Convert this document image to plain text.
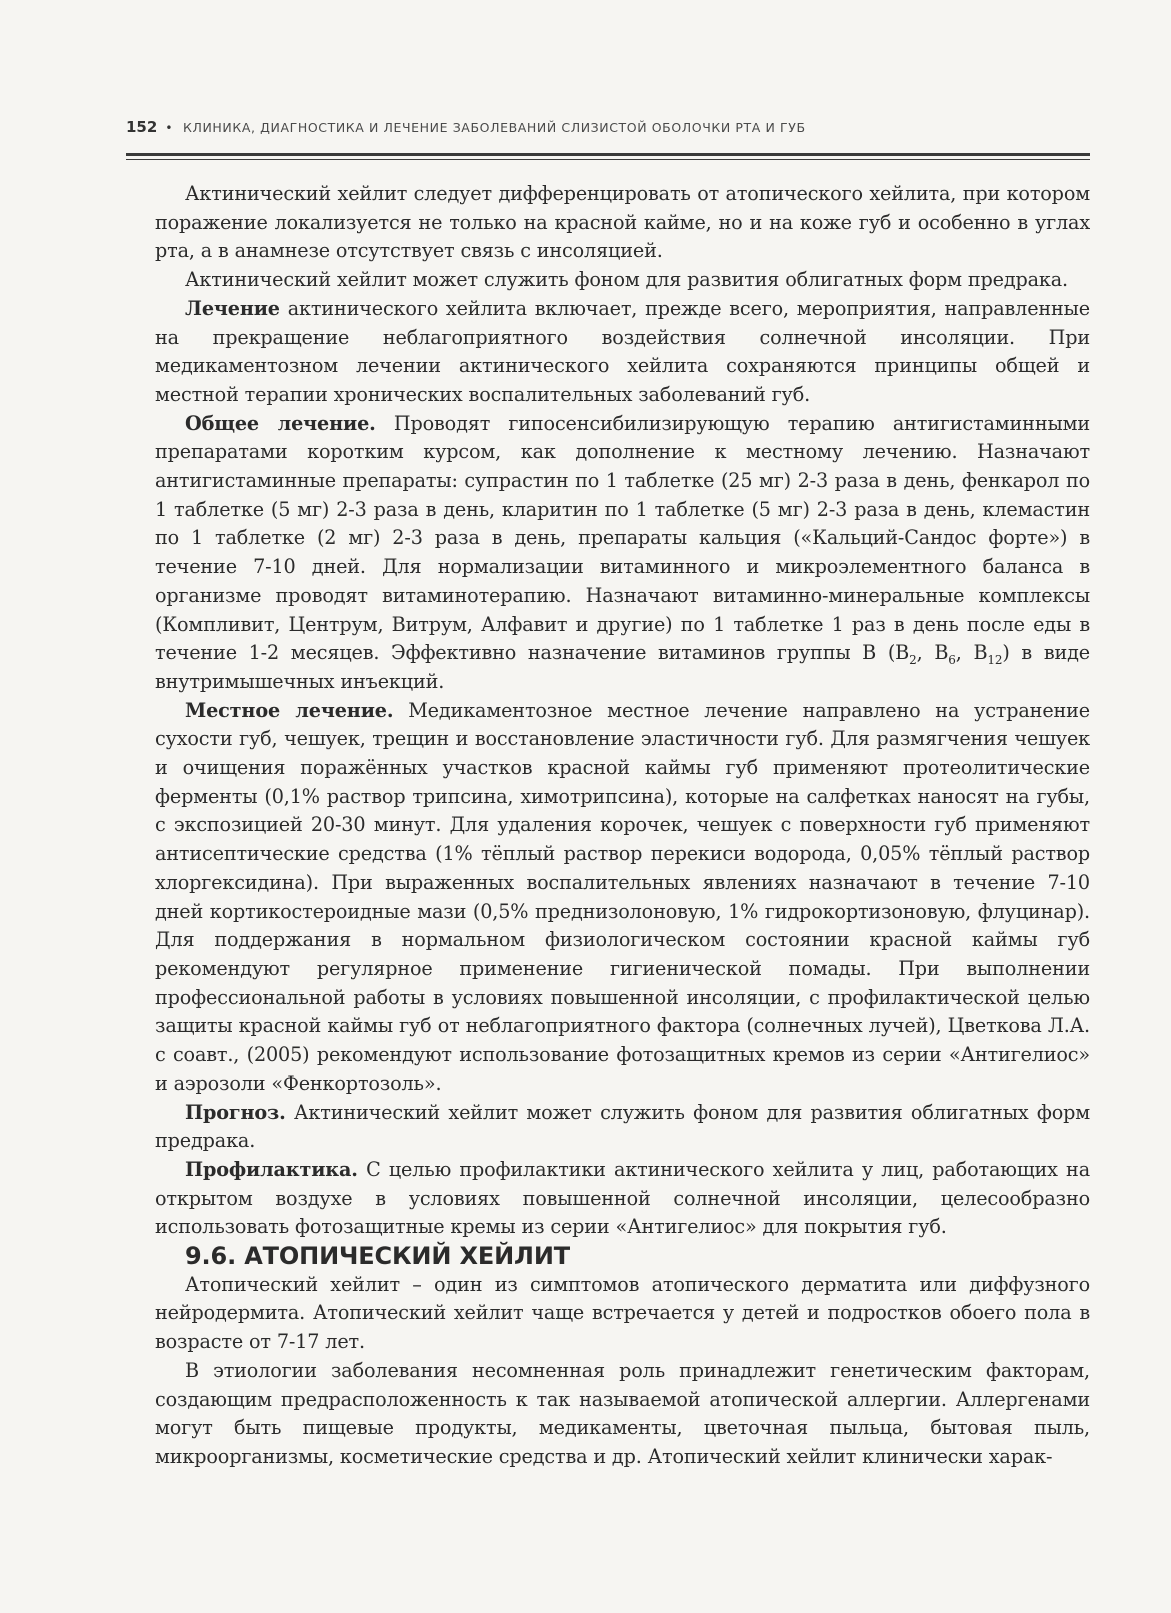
152 • КЛИНИКА, ДИАГНОСТИКА И ЛЕЧЕНИЕ ЗАБОЛЕВАНИЙ СЛИЗИСТОЙ ОБОЛОЧКИ РТА И ГУБ

Актинический хейлит следует дифференцировать от атопического хейлита, при котором поражение локализуется не только на красной кайме, но и на коже губ и особенно в углах рта, а в анамнезе отсутствует связь с инсоляцией.

Актинический хейлит может служить фоном для развития облигатных форм предрака.

Лечение актинического хейлита включает, прежде всего, мероприятия, направленные на прекращение неблагоприятного воздействия солнечной инсоляции. При медикаментозном лечении актинического хейлита сохраняются принципы общей и местной терапии хронических воспалительных заболеваний губ.

Общее лечение. Проводят гипосенсибилизирующую терапию антигистаминными препаратами коротким курсом, как дополнение к местному лечению. Назначают антигистаминные препараты: супрастин по 1 таблетке (25 мг) 2-3 раза в день, фенкарол по 1 таблетке (5 мг) 2-3 раза в день, кларитин по 1 таблетке (5 мг) 2-3 раза в день, клемастин по 1 таблетке (2 мг) 2-3 раза в день, препараты кальция («Кальций-Сандос форте») в течение 7-10 дней. Для нормализации витаминного и микроэлементного баланса в организме проводят витаминотерапию. Назначают витаминно-минеральные комплексы (Компливит, Центрум, Витрум, Алфавит и другие) по 1 таблетке 1 раз в день после еды в течение 1-2 месяцев. Эффективно назначение витаминов группы В ($В_2$, $В_6$, $В_{12}$) в виде внутримышечных инъекций.

Местное лечение. Медикаментозное местное лечение направлено на устранение сухости губ, чешуек, трещин и восстановление эластичности губ. Для размягчения чешуек и очищения поражённых участков красной каймы губ применяют протеолитические ферменты (0,1% раствор трипсина, химотрипсина), которые на салфетках наносят на губы, с экспозицией 20-30 минут. Для удаления корочек, чешуек с поверхности губ применяют антисептические средства (1% тёплый раствор перекиси водорода, 0,05% тёплый раствор хлоргексидина). При выраженных воспалительных явлениях назначают в течение 7-10 дней кортикостероидные мази (0,5% преднизолоновую, 1% гидрокортизоновую, флуцинар). Для поддержания в нормальном физиологическом состоянии красной каймы губ рекомендуют регулярное применение гигиенической помады. При выполнении профессиональной работы в условиях повышенной инсоляции, с профилактической целью защиты красной каймы губ от неблагоприятного фактора (солнечных лучей), Цветкова Л.А. с соавт., (2005) рекомендуют использование фотозащитных кремов из серии «Антигелиос» и аэрозоли «Фенкортозоль».

Прогноз. Актинический хейлит может служить фоном для развития облигатных форм предрака.

Профилактика. С целью профилактики актинического хейлита у лиц, работающих на открытом воздухе в условиях повышенной солнечной инсоляции, целесообразно использовать фотозащитные кремы из серии «Антигелиос» для покрытия губ.

9.6. АТОПИЧЕСКИЙ ХЕЙЛИТ

Атопический хейлит – один из симптомов атопического дерматита или диффузного нейродермита. Атопический хейлит чаще встречается у детей и подростков обоего пола в возрасте от 7-17 лет.

В этиологии заболевания несомненная роль принадлежит генетическим факторам, создающим предрасположенность к так называемой атопической аллергии. Аллергенами могут быть пищевые продукты, медикаменты, цветочная пыльца, бытовая пыль, микроорганизмы, косметические средства и др. Атопический хейлит клинически харак-
